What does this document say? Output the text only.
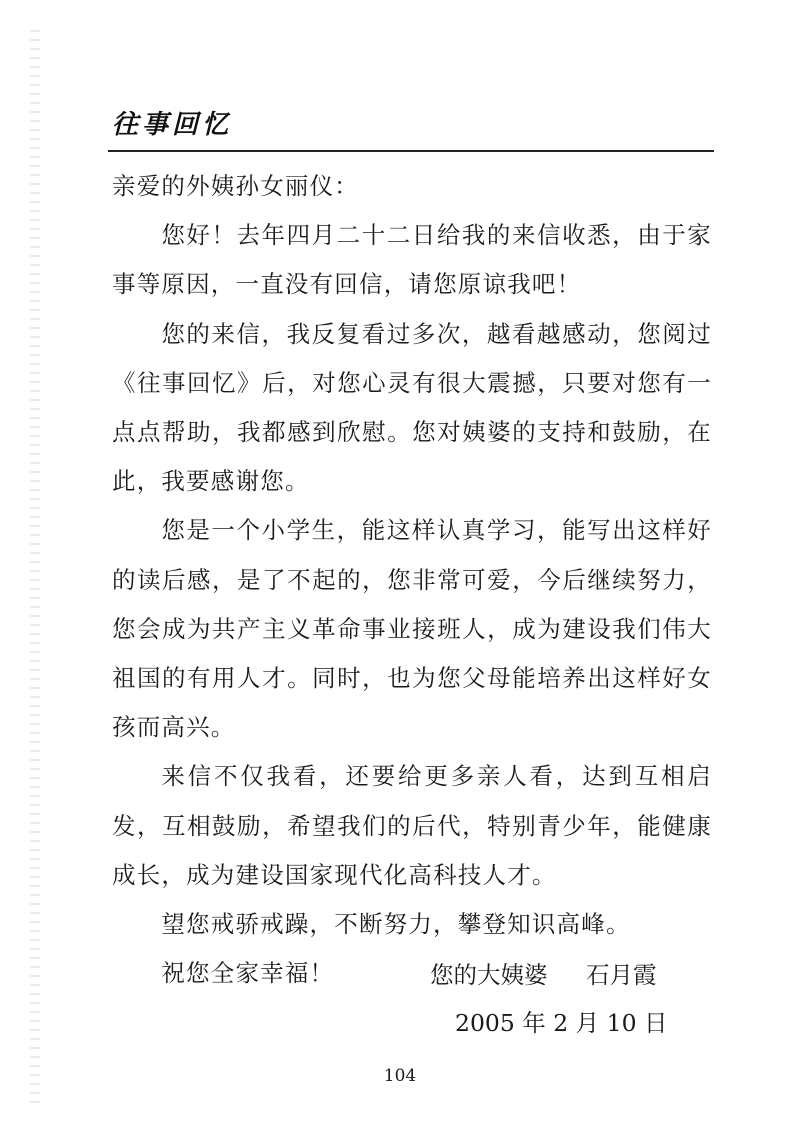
往事回忆

亲爱的外姨孙女丽仪：

您好！去年四月二十二日给我的来信收悉，由于家事等原因，一直没有回信，请您原谅我吧！

您的来信，我反复看过多次，越看越感动，您阅过《往事回忆》后，对您心灵有很大震撼，只要对您有一点点帮助，我都感到欣慰。您对姨婆的支持和鼓励，在此，我要感谢您。

您是一个小学生，能这样认真学习，能写出这样好的读后感，是了不起的，您非常可爱，今后继续努力，您会成为共产主义革命事业接班人，成为建设我们伟大祖国的有用人才。同时，也为您父母能培养出这样好女孩而高兴。

来信不仅我看，还要给更多亲人看，达到互相启发，互相鼓励，希望我们的后代，特别青少年，能健康成长，成为建设国家现代化高科技人才。

望您戒骄戒躁，不断努力，攀登知识高峰。

祝您全家幸福！	您的大姨婆　  石月霞
2005 年 2 月 10 日
104
